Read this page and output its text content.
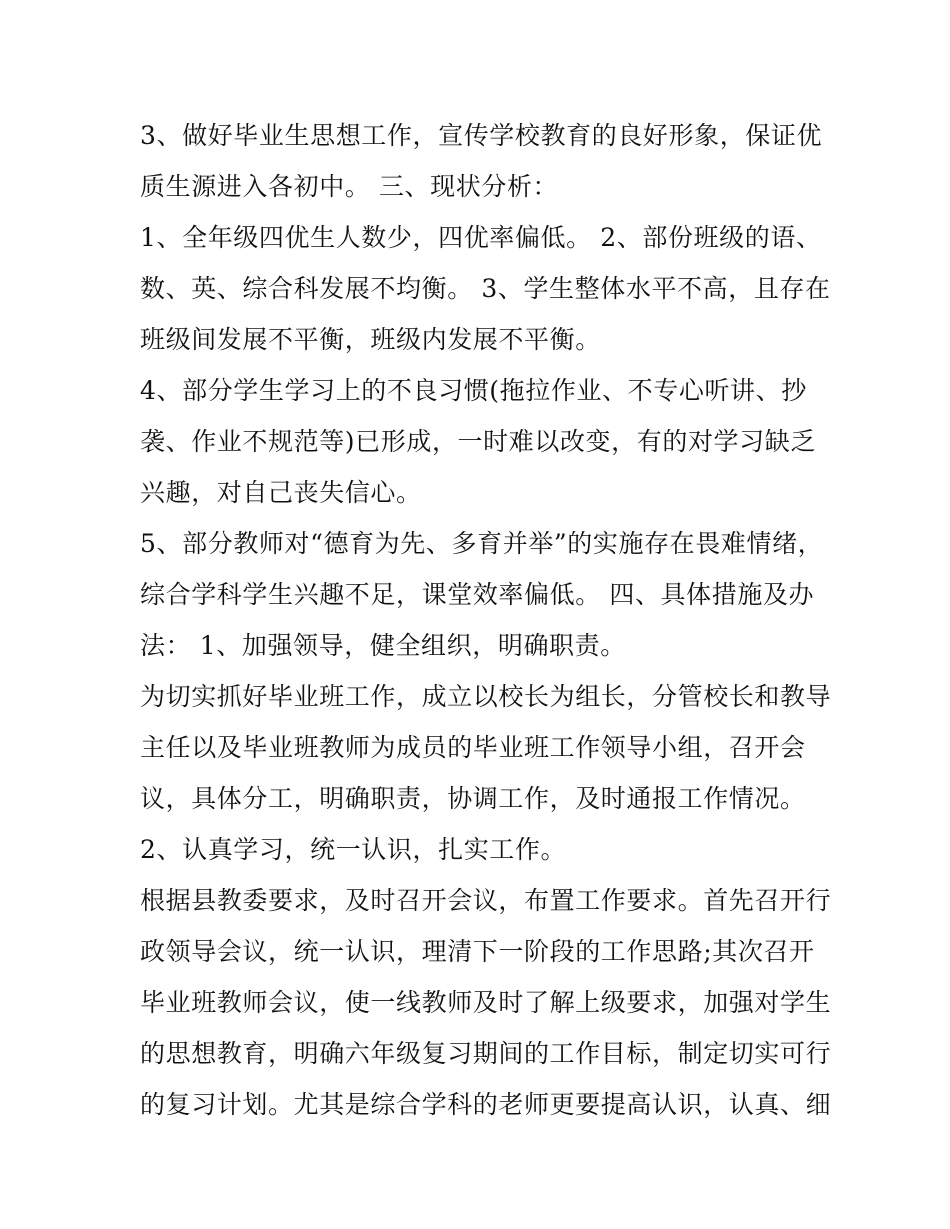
3、做好毕业生思想工作，宣传学校教育的良好形象，保证优
质生源进入各初中。 三、现状分析：
1、全年级四优生人数少，四优率偏低。 2、部份班级的语、
数、英、综合科发展不均衡。 3、学生整体水平不高，且存在
班级间发展不平衡，班级内发展不平衡。
4、部分学生学习上的不良习惯(拖拉作业、不专心听讲、抄
袭、作业不规范等)已形成，一时难以改变，有的对学习缺乏
兴趣，对自己丧失信心。
5、部分教师对“德育为先、多育并举”的实施存在畏难情绪，
综合学科学生兴趣不足，课堂效率偏低。 四、具体措施及办
法： 1、加强领导，健全组织，明确职责。
为切实抓好毕业班工作，成立以校长为组长，分管校长和教导
主任以及毕业班教师为成员的毕业班工作领导小组，召开会
议，具体分工，明确职责，协调工作，及时通报工作情况。
2、认真学习，统一认识，扎实工作。
根据县教委要求，及时召开会议，布置工作要求。首先召开行
政领导会议，统一认识，理清下一阶段的工作思路;其次召开
毕业班教师会议，使一线教师及时了解上级要求，加强对学生
的思想教育，明确六年级复习期间的工作目标，制定切实可行
的复习计划。尤其是综合学科的老师更要提高认识，认真、细
